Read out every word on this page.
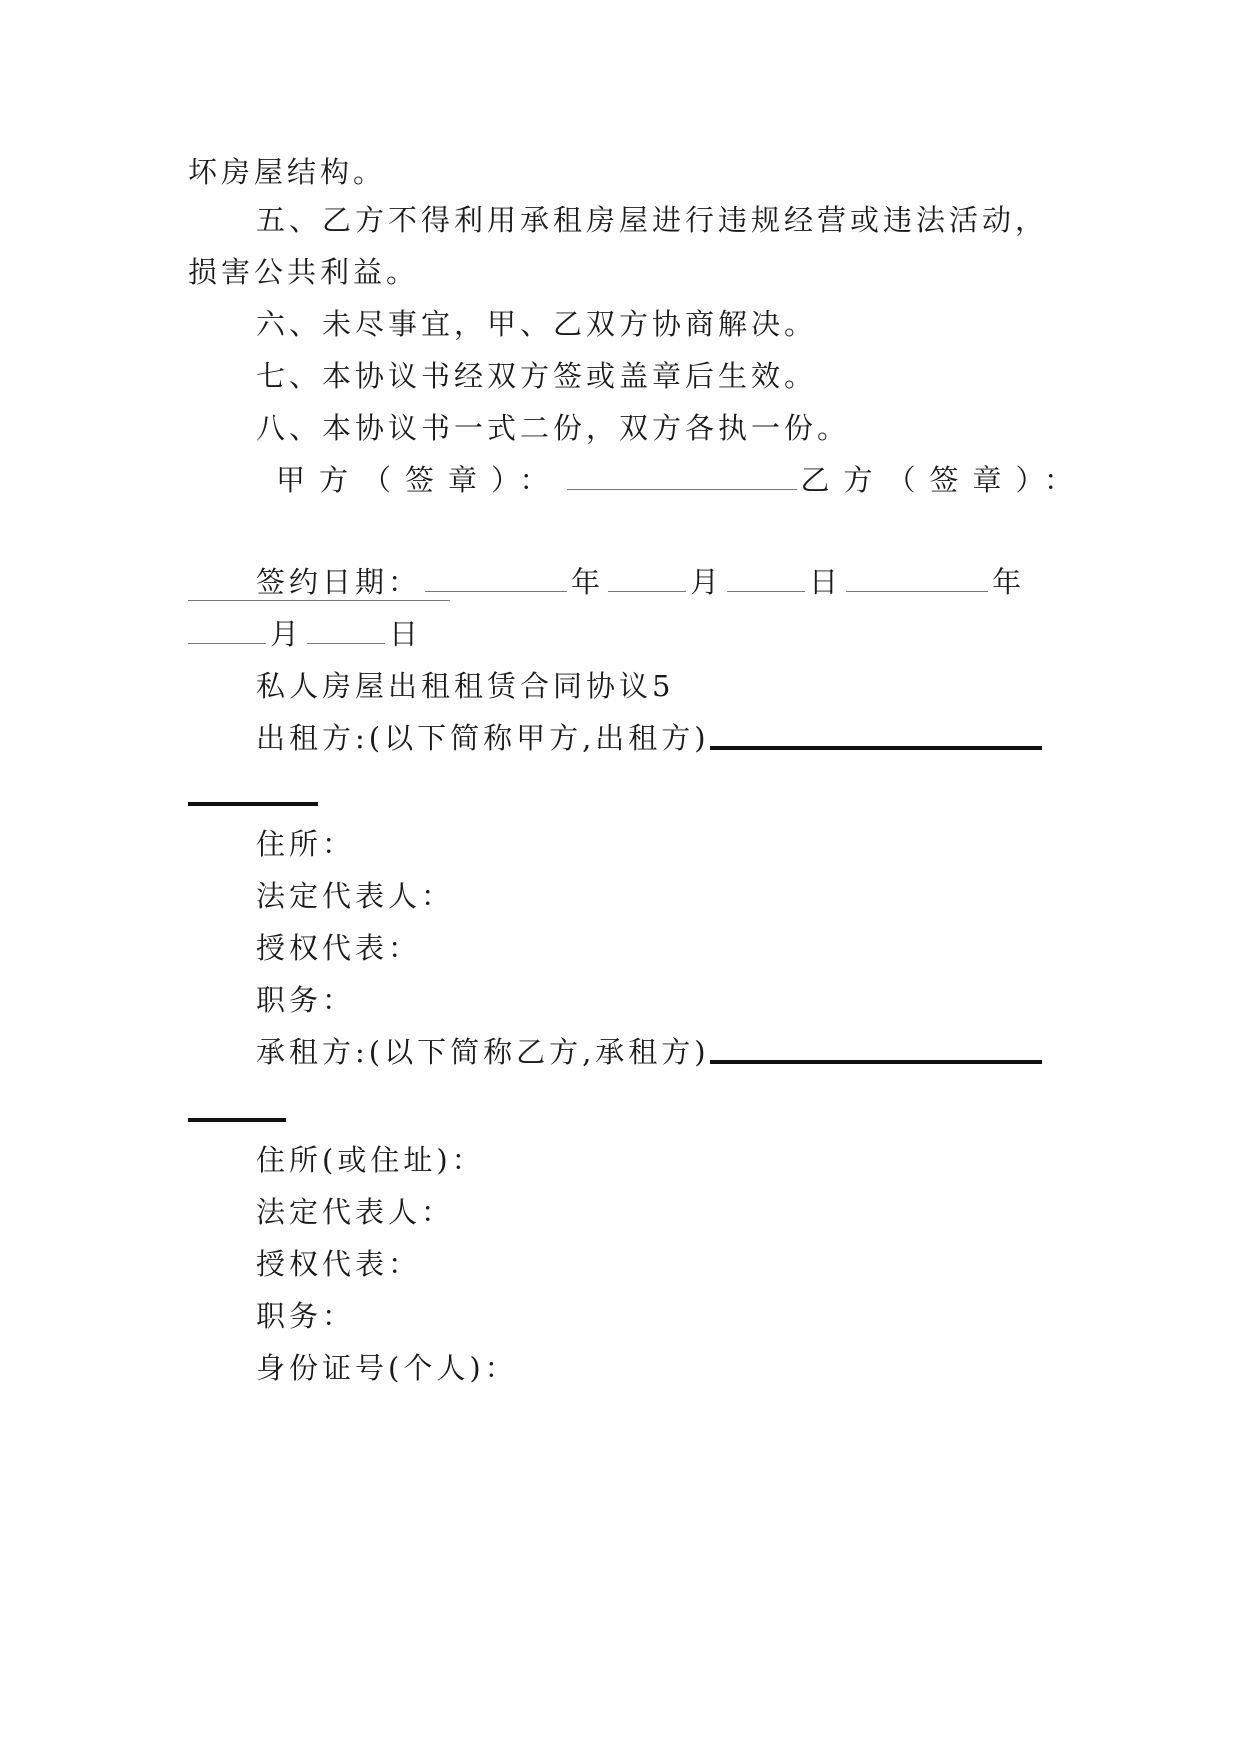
坏房屋结构。

五、乙方不得利用承租房屋进行违规经营或违法活动，

损害公共利益。

六、未尽事宜，甲、乙双方协商解决。

七、本协议书经双方签或盖章后生效。

八、本协议书一式二份，双方各执一份。

甲方（签章）：	乙方（签章）：

签约日期：	年	月	日	年

月	日

私人房屋出租租赁合同协议5

出租方:(以下简称甲方,出租方)

住所：

法定代表人：

授权代表：

职务：

承租方:(以下简称乙方,承租方)

住所(或住址)：

法定代表人：

授权代表：

职务：

身份证号(个人)：
